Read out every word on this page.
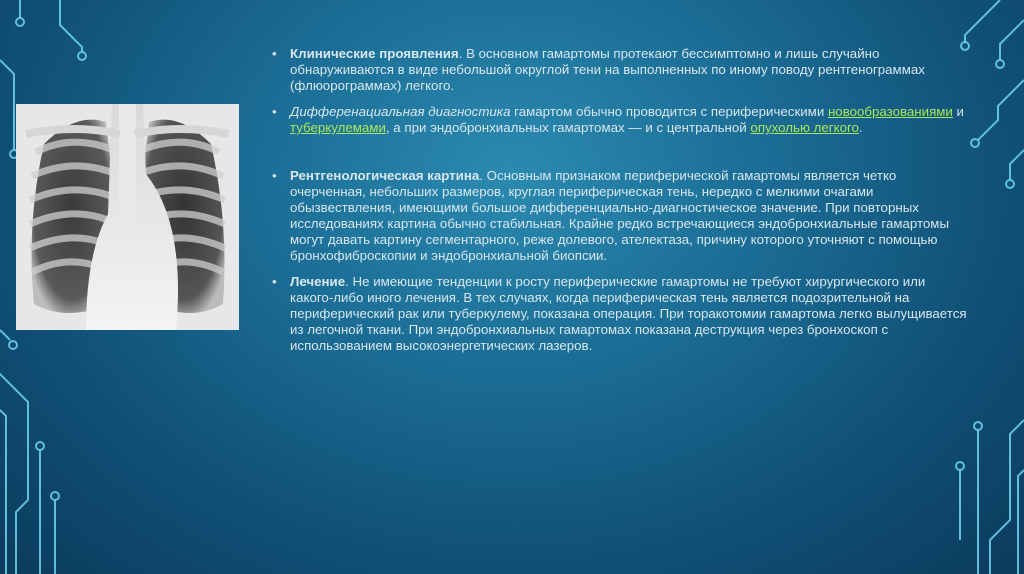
• Клинические проявления. В основном гамартомы протекают бессимптомно и лишь случайно обнаруживаются в виде небольшой округлой тени на выполненных по иному поводу рентгенограммах (флюорограммах) легкого.

• Дифференациальная диагностика гамартом обычно проводится с периферическими новообразованиями и туберкулемами, а при эндобронхиальных гамартомах — и с центральной опухолью легкого.

• Рентгенологическая картина. Основным признаком периферической гамартомы является четко очерченная, небольших размеров, круглая периферическая тень, нередко с мелкими очагами обызвествления, имеющими большое дифференциально-диагностическое значение. При повторных исследованиях картина обычно стабильная. Крайне редко встречающиеся эндобронхиальные гамартомы могут давать картину сегментарного, реже долевого, ателектаза, причину которого уточняют с помощью бронхофиброскопии и эндобронхиальной биопсии.

• Лечение. Не имеющие тенденции к росту периферические гамартомы не требуют хирургического или какого-либо иного лечения. В тех случаях, когда периферическая тень является подозрительной на периферический рак или туберкулему, показана операция. При торакотомии гамартома легко вылущивается из легочной ткани. При эндобронхиальных гамартомах показана деструкция через бронхоскоп с использованием высокоэнергетических лазеров.
